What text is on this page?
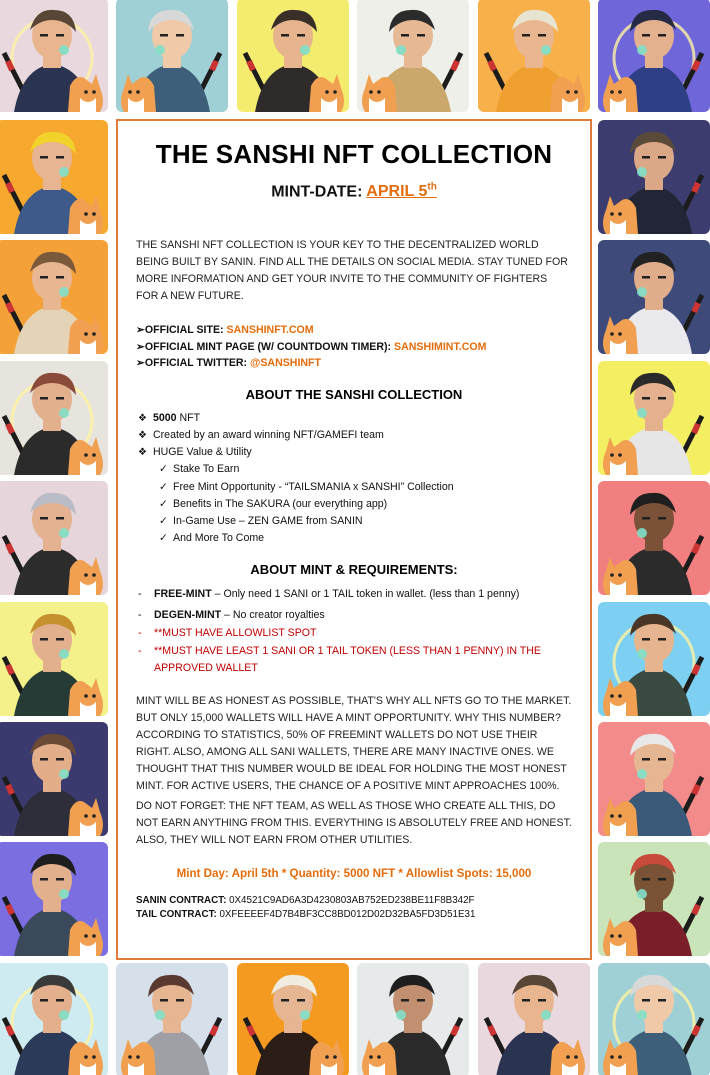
THE SANSHI NFT COLLECTION
MINT-DATE: APRIL 5th

THE SANSHI NFT COLLECTION IS YOUR KEY TO THE DECENTRALIZED WORLD BEING BUILT BY SANIN. FIND ALL THE DETAILS ON SOCIAL MEDIA. STAY TUNED FOR MORE INFORMATION AND GET YOUR INVITE TO THE COMMUNITY OF FIGHTERS FOR A NEW FUTURE.

➢OFFICIAL SITE: SANSHINFT.COM
➢OFFICIAL MINT PAGE (W/ COUNTDOWN TIMER): SANSHIMINT.COM
➢OFFICIAL TWITTER: @SANSHINFT
ABOUT THE SANSHI COLLECTION
❖ 5000 NFT
❖ Created by an award winning NFT/GAMEFI team
❖ HUGE Value & Utility
✓ Stake To Earn
✓ Free Mint Opportunity - “TAILSMANIA x SANSHI” Collection
✓ Benefits in The SAKURA (our everything app)
✓ In-Game Use – ZEN GAME from SANIN
✓ And More To Come
ABOUT MINT & REQUIREMENTS:
- FREE-MINT – Only need 1 SANI or 1 TAIL token in wallet. (less than 1 penny)
- DEGEN-MINT – No creator royalties
- **MUST HAVE ALLOWLIST SPOT
- **MUST HAVE LEAST 1 SANI OR 1 TAIL TOKEN (LESS THAN 1 PENNY) IN THE APPROVED WALLET

MINT WILL BE AS HONEST AS POSSIBLE, THAT'S WHY ALL NFTS GO TO THE MARKET. BUT ONLY 15,000 WALLETS WILL HAVE A MINT OPPORTUNITY. WHY THIS NUMBER? ACCORDING TO STATISTICS, 50% OF FREEMINT WALLETS DO NOT USE THEIR RIGHT. ALSO, AMONG ALL SANI WALLETS, THERE ARE MANY INACTIVE ONES. WE THOUGHT THAT THIS NUMBER WOULD BE IDEAL FOR HOLDING THE MOST HONEST MINT. FOR ACTIVE USERS, THE CHANCE OF A POSITIVE MINT APPROACHES 100%.

DO NOT FORGET: THE NFT TEAM, AS WELL AS THOSE WHO CREATE ALL THIS, DO NOT EARN ANYTHING FROM THIS. EVERYTHING IS ABSOLUTELY FREE AND HONEST. ALSO, THEY WILL NOT EARN FROM OTHER UTILITIES.

Mint Day: April 5th * Quantity: 5000 NFT * Allowlist Spots: 15,000
SANIN CONTRACT: 0X4521C9AD6A3D4230803AB752ED238BE11F8B342F
TAIL CONTRACT: 0XFEEEEF4D7B4BF3CC8BD012D02D32BA5FD3D51E31
